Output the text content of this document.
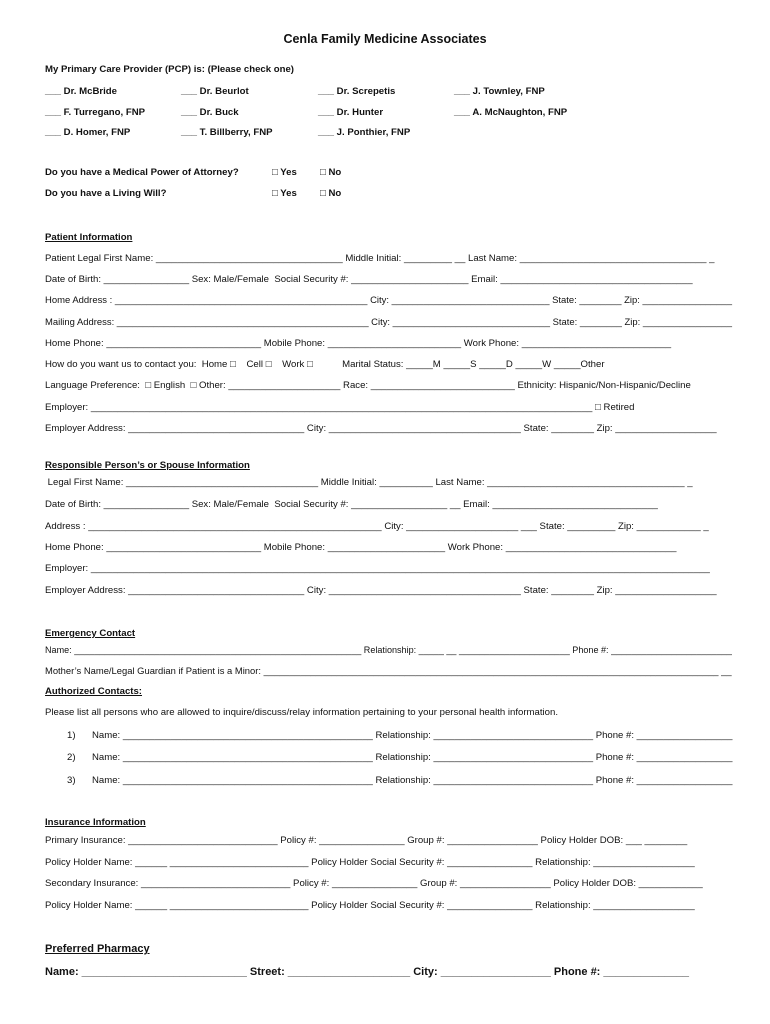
Cenla Family Medicine Associates
My Primary Care Provider (PCP) is: (Please check one)
___ Dr. McBride	___ Dr. Beurlot	___ Dr. Screpetis	___ J. Townley, FNP
___ F. Turregano, FNP	___ Dr. Buck	___ Dr. Hunter	___ A. McNaughton, FNP
___ D. Homer, FNP	___ T. Billberry, FNP	___ J. Ponthier, FNP
Do you have a Medical Power of Attorney?	□ Yes □ No
Do you have a Living Will?	□ Yes □ No
Patient Information
Patient Legal First Name: ___________________________________ Middle Initial: _________ __ Last Name: ___________________________________ _
Date of Birth: ________________ Sex: Male/Female  Social Security #: ______________________ Email: ____________________________________
Home Address : ________________________________________________ City: ______________________________ State: ________ Zip: _________________
Mailing Address: ________________________________________________ City: ______________________________ State: ________ Zip: _________________
Home Phone: _____________________________ Mobile Phone: _________________________ Work Phone: ____________________________
How do you want us to contact you:  Home □    Cell □    Work □           Marital Status: _____M _____S _____D _____W _____Other
Language Preference:  □ English  □ Other: _____________________ Race: ___________________________ Ethnicity: Hispanic/Non-Hispanic/Decline
Employer: ______________________________________________________________________________________________ □ Retired
Employer Address: _________________________________ City: ____________________________________ State: ________ Zip: ___________________
Responsible Person’s or Spouse Information
Legal First Name: ____________________________________ Middle Initial: __________ Last Name: _____________________________________ _
Date of Birth: ________________ Sex: Male/Female  Social Security #: __________________ __ Email: _______________________________
Address : _______________________________________________________ City: _____________________ ___ State: _________ Zip: ____________ _
Home Phone: _____________________________ Mobile Phone: ______________________ Work Phone: ________________________________
Employer: ____________________________________________________________________________________________________________________
Employer Address: _________________________________ City: ____________________________________ State: ________ Zip: ___________________
Emergency Contact
Name: _________________________________________________________ Relationship: _____ __ ______________________ Phone #: ________________________
Mother’s Name/Legal Guardian if Patient is a Minor: _______________________________________________________________________________________ __
Authorized Contacts:
Please list all persons who are allowed to inquire/discuss/relay information pertaining to your personal health information.
1) Name: _______________________________________________ Relationship: ______________________________ Phone #: __________________
2) Name: _______________________________________________ Relationship: ______________________________ Phone #: __________________
3) Name: _______________________________________________ Relationship: ______________________________ Phone #: __________________
Insurance Information
Primary Insurance: ____________________________ Policy #: ________________ Group #: _________________ Policy Holder DOB: ___ ________
Policy Holder Name: ______ __________________________ Policy Holder Social Security #: ________________ Relationship: ___________________
Secondary Insurance: ____________________________ Policy #: ________________ Group #: _________________ Policy Holder DOB: ____________
Policy Holder Name: ______ __________________________ Policy Holder Social Security #: ________________ Relationship: ___________________
Preferred Pharmacy
Name: ___________________________ Street: ____________________ City: __________________ Phone #: ______________
